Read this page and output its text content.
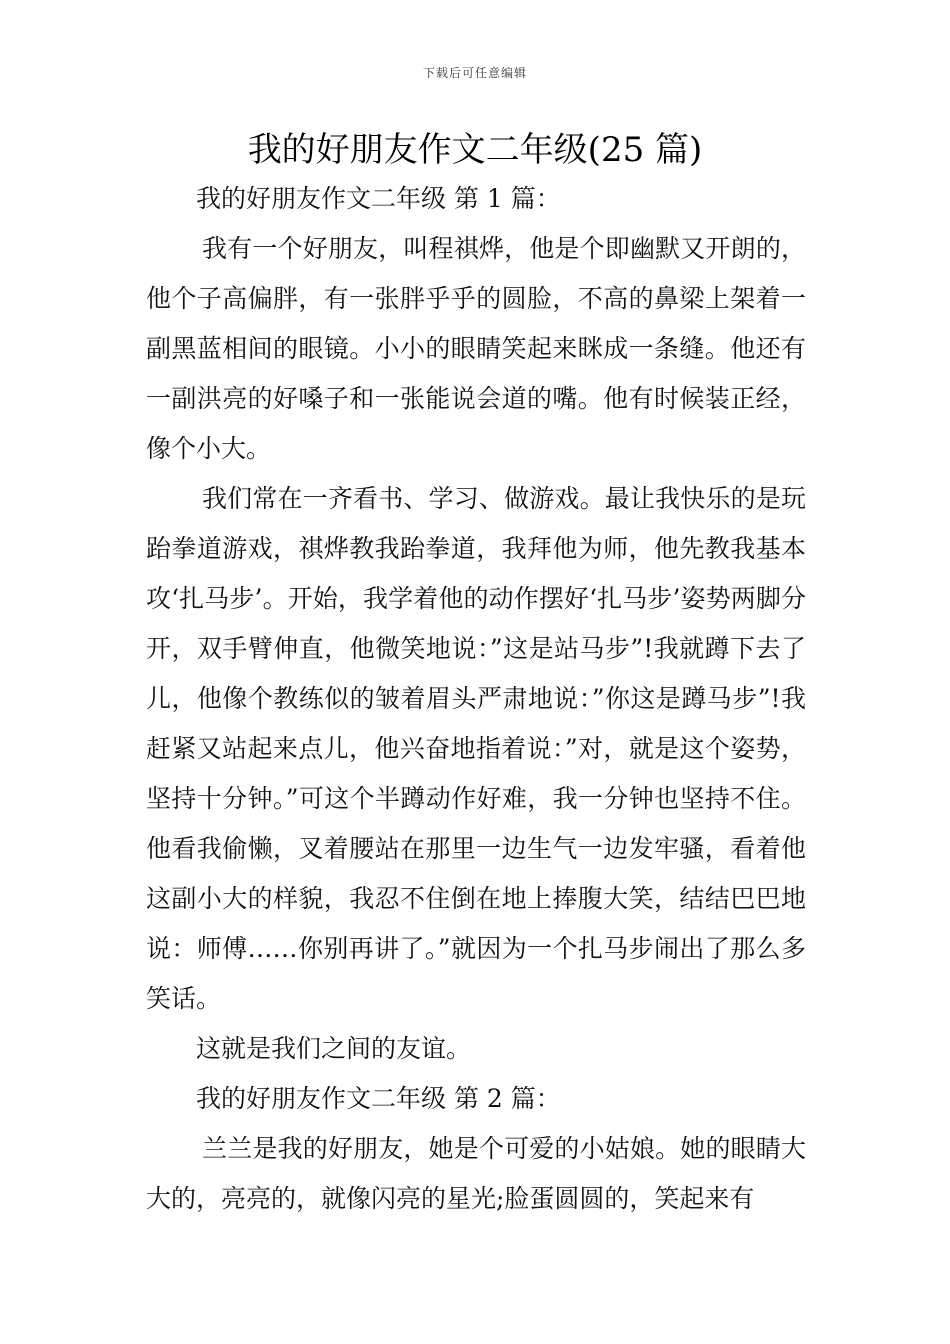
下载后可任意编辑
我的好朋友作文二年级(25 篇)

我的好朋友作文二年级 第 1 篇：

我有一个好朋友，叫程祺烨，他是个即幽默又开朗的，他个子高偏胖，有一张胖乎乎的圆脸，不高的鼻梁上架着一副黑蓝相间的眼镜。小小的眼睛笑起来眯成一条缝。他还有一副洪亮的好嗓子和一张能说会道的嘴。他有时候装正经，像个小大。

我们常在一齐看书、学习、做游戏。最让我快乐的是玩跆拳道游戏，祺烨教我跆拳道，我拜他为师，他先教我基本攻‘扎马步’。开始，我学着他的动作摆好‘扎马步’姿势两脚分开，双手臂伸直，他微笑地说：”这是站马步”!我就蹲下去了儿，他像个教练似的皱着眉头严肃地说：”你这是蹲马步”!我赶紧又站起来点儿，他兴奋地指着说：”对，就是这个姿势，坚持十分钟。”可这个半蹲动作好难，我一分钟也坚持不住。他看我偷懒，叉着腰站在那里一边生气一边发牢骚，看着他这副小大的样貌，我忍不住倒在地上捧腹大笑，结结巴巴地说：师傅……你别再讲了。”就因为一个扎马步闹出了那么多笑话。

这就是我们之间的友谊。

我的好朋友作文二年级 第 2 篇：

兰兰是我的好朋友，她是个可爱的小姑娘。她的眼睛大大的，亮亮的，就像闪亮的星光;脸蛋圆圆的，笑起来有
